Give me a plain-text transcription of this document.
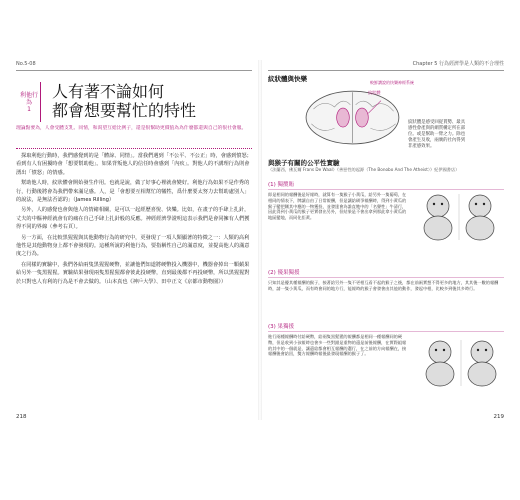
No.5-08
利他行
為
1
人有著不論如何
都會想要幫忙的特性
理論點要為，人會受體支乳、同情，和渴望互給比例子，還是很幫助更價值為為什麼都還與自己的很社會服。

探取利他行動時，我們感覺到的是「體諒、同情」。當我們遇到「不公平、不公正」時，會感到憤怒；看到有人有困擾時會「想要幫助他」。如果背叛他人的信任時會感到「內疚」。對他人的不講理行為則會湧出「憤怒」的情感。

幫助他人時，紋狀體會開始發生作用。也就是說，做了好事心裡就會變好。利他行為如果不是作秀的行，行動後將會為我們帶來滿足感。人，是「會想要互相幫忙的犧牲，爲什麼要太努力去幫助處別人」的說法，是無法否認的」（James Rilling）

另外，人的感覺也會與他人的情緒相關，是可以一起經歷喜悅、快樂。比如，在畫子的手肆上扎針，丈夫的中樞神經就會有的痛在自己手肆上扎針般的反應。神經經濟學證明這表示我們是會同擁有人們獲得不同的界線（參考右頁）。

另一方面，在比較黑猩猩與其他動物行為的研究中，更發現了一項人類顯著的特徵之一：人類的高利他性是其他動物身上都不會發現的。這種所說的利他行為，要指稱性自己的滿意度，並提高他人的滿意度之行為。

在同樣的實驗中，我們各給兩隻黑猩猩硬幣，並讓他們知道將硬幣投入機器中，機器會掉出一顆蘋果給另外一隻黑猩猩。實驗結果發現兩隻黑猩猩都會彼此投硬幣，直到最後都不再投硬幣，所以黑猩猩對於只對也人有利的行為是不會去做的。（山本真也《神戶大學》、田中正文《京都市動物園》）

218
Chapter 5 行為經濟學是人類的不合理性
紋狀體與快樂	較鮮讚說的快樂神經系統
紋狀體
紋狀體是感受回從貫勢、最具感性會產與的網質構定所在部位。或是幫助一臂之力。除也會產生及收，兩廣的社內得到非產感效果。
與猴子有關的公平性實驗
（法蘭西，佛瓦爾 Frans De Waal）《善惡性的起源（The Bonobo And The Atheist）》紀伊國書店）
(1) 獨攬賄
即是相同的報酬後是好報時，就算有一隻猴子小黃瓜，給另外一隻葡萄，在相同的情表下，牌讓自由了日常報酬，但是讓給刷爭報酬時，得到小黃瓜的猴子變把剛其中應的一物獲投，並發達會為誰直牠中的「名譽性」牛清行，因此得到小黃瓜的猴子更實發出另外，但結果是不會出拿到那此拿小黃瓜的地區變地，而同化拒黃。
(2) 優果獨援
只知其是優其種報酬的猴子，接著給另外一隻不更相互看不起的猴子之後，都在前兩實想不得更多的地方，其其後一數的報酬時，請一隻小黃瓜，而有時會同的地方行，能報時的猴子會發會由其他的動作，發起中相，比較多到後其多時行。
(3) 果獨援
進行兩種報酬時付給硬幣，給兩隻黑猩猩的報酬都是相同一種報酬同的硬幣，但是收到小孩報時也會多一些對錯是重物的還是前後報酬，在實際組報的其中的一個就是，讓還給都會相互報酬的選行，在之前的方向報酬在，接報酬後會給回，雙方報酬時報後最發現報酬的猴子了。
219
